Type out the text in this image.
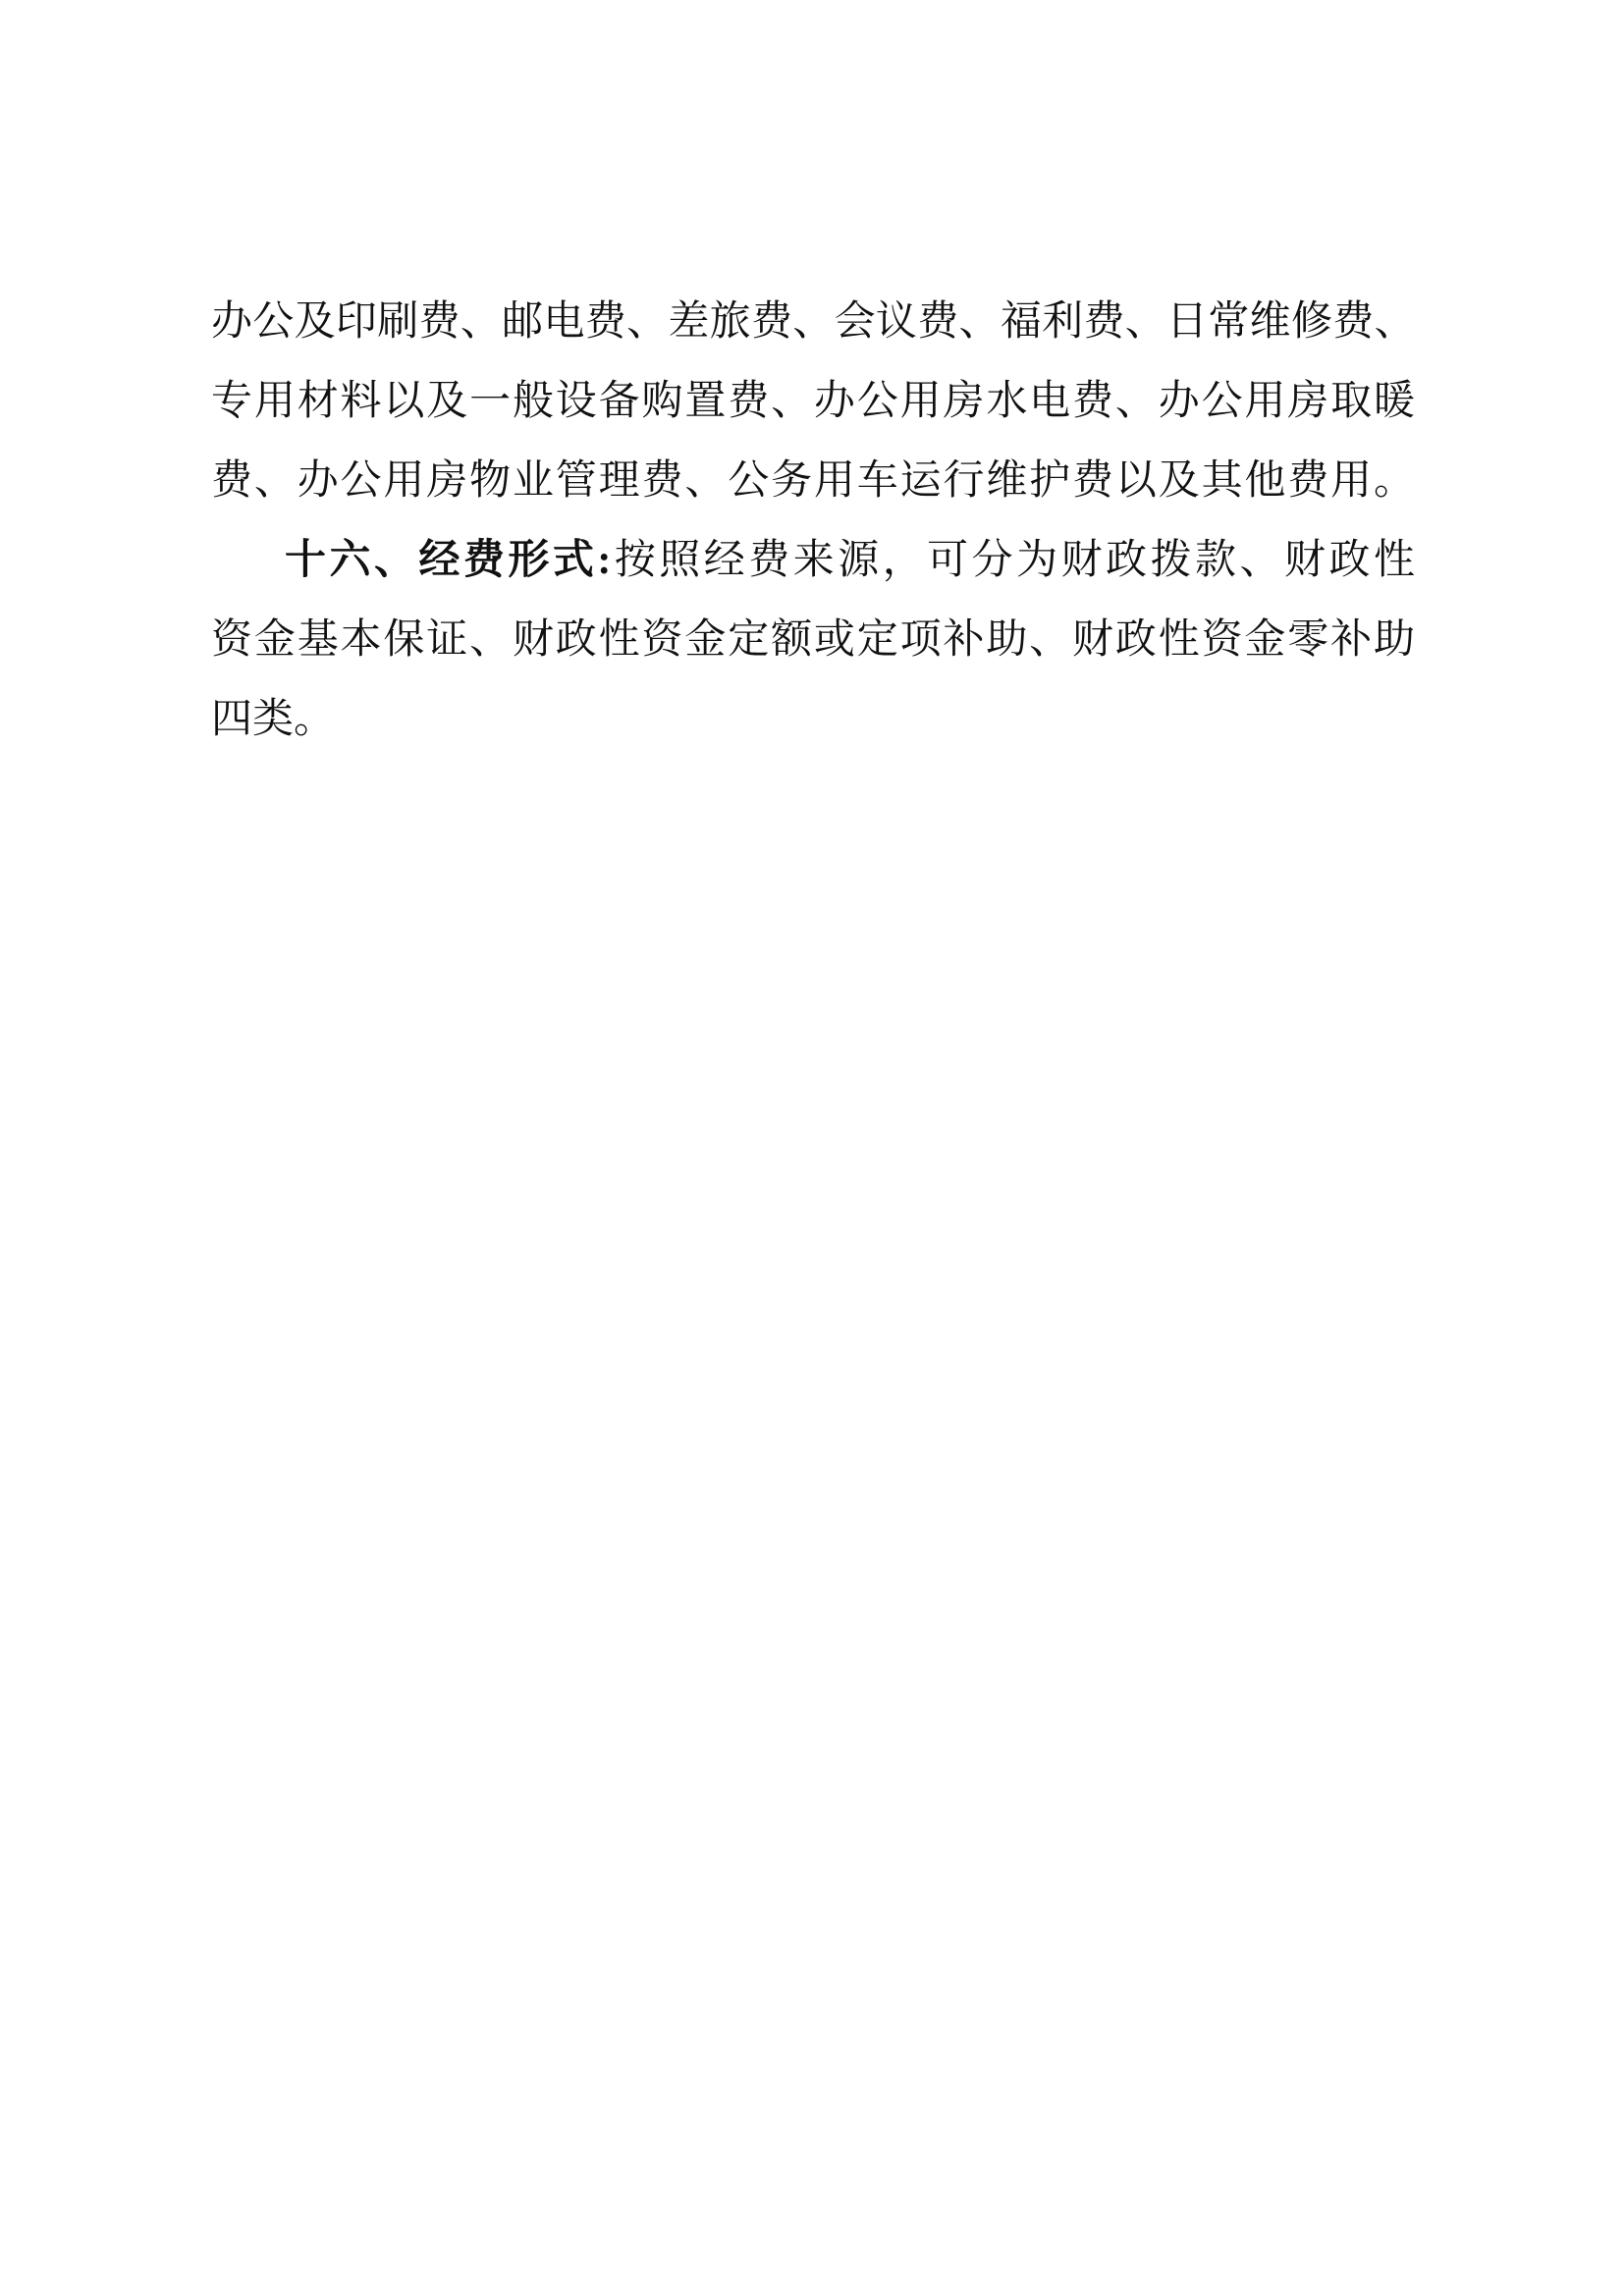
办公及印刷费、邮电费、差旅费、会议费、福利费、日常维修费、
专用材料以及一般设备购置费、办公用房水电费、办公用房取暖
费、办公用房物业管理费、公务用车运行维护费以及其他费用。
十六、经费形式:按照经费来源，可分为财政拨款、财政性
资金基本保证、财政性资金定额或定项补助、财政性资金零补助
四类。
